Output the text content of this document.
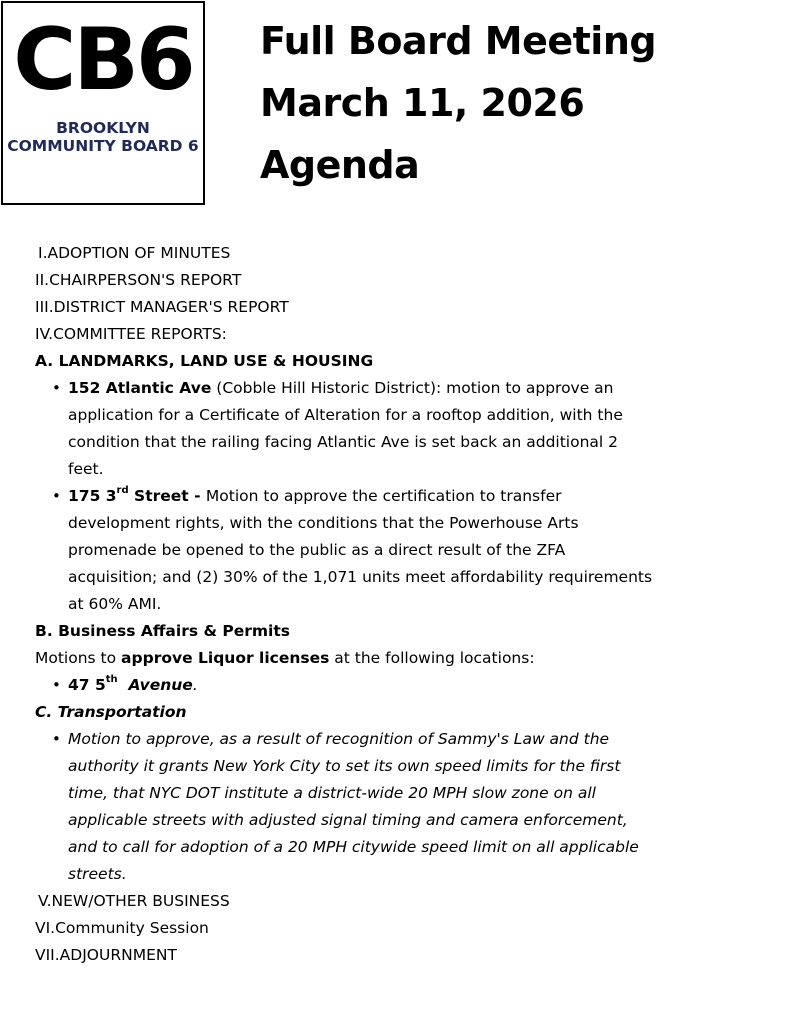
CB6
BROOKLYN
COMMUNITY BOARD 6
Full Board Meeting
March 11, 2026
Agenda
I.ADOPTION OF MINUTES
II.CHAIRPERSON'S REPORT
III.DISTRICT MANAGER'S REPORT
IV.COMMITTEE REPORTS:
A. LANDMARKS, LAND USE & HOUSING
• 152 Atlantic Ave (Cobble Hill Historic District): motion to approve an
application for a Certificate of Alteration for a rooftop addition, with the
condition that the railing facing Atlantic Ave is set back an additional 2
feet.
• 175 3rd Street - Motion to approve the certification to transfer
development rights, with the conditions that the Powerhouse Arts
promenade be opened to the public as a direct result of the ZFA
acquisition; and (2) 30% of the 1,071 units meet affordability requirements
at 60% AMI.
B. Business Affairs & Permits
Motions to approve Liquor licenses at the following locations:
• 47 5th  Avenue.
C. Transportation
• Motion to approve, as a result of recognition of Sammy's Law and the
authority it grants New York City to set its own speed limits for the first
time, that NYC DOT institute a district-wide 20 MPH slow zone on all
applicable streets with adjusted signal timing and camera enforcement,
and to call for adoption of a 20 MPH citywide speed limit on all applicable
streets.
V.NEW/OTHER BUSINESS
VI.Community Session
VII.ADJOURNMENT
